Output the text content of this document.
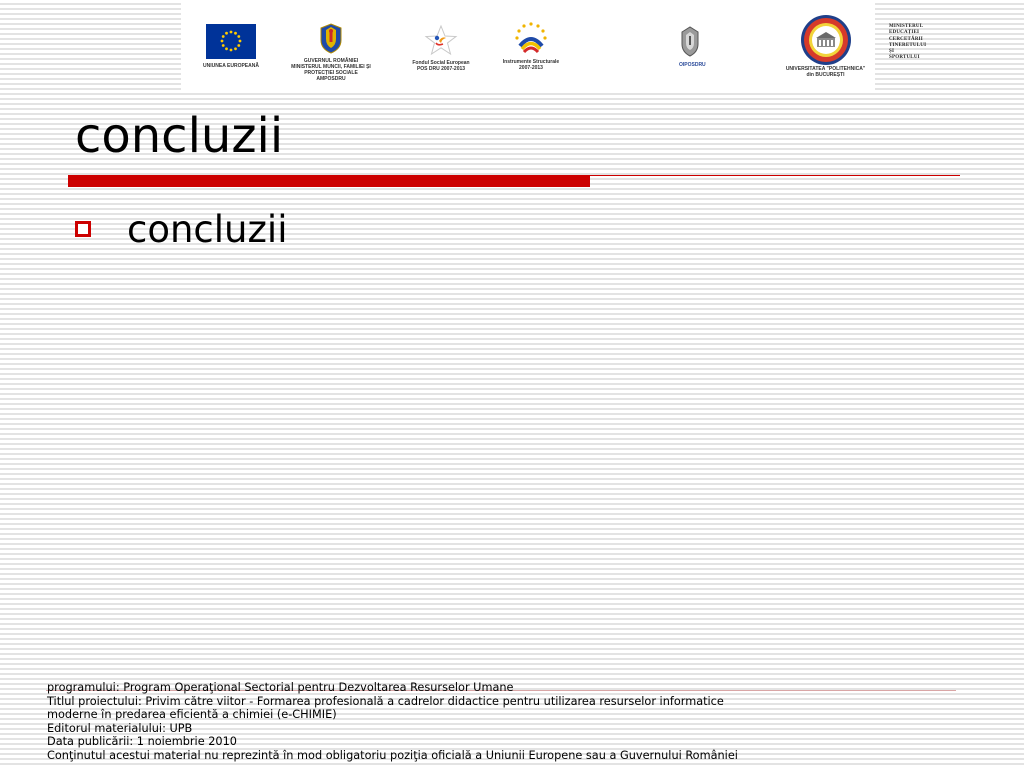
UNIUNEA EUROPEANĂ
GUVERNUL ROMÂNIEI
MINISTERUL MUNCII, FAMILIEI ȘI
PROTECȚIEI SOCIALE
AMPOSDRU
Fondul Social European
POS DRU 2007-2013
Instrumente Structurale
2007-2013	OIPOSDRU
MINISTERUL
EDUCAȚIEI
CERCETĂRII
TINERETULUI
ȘI SPORTULUI
UNIVERSITATEA "POLITEHNICA"
din BUCUREȘTI
concluzii
concluzii
programului: Program Operaţional Sectorial pentru Dezvoltarea Resurselor Umane
Titlul proiectului: Privim către viitor - Formarea profesională a cadrelor didactice pentru utilizarea resurselor informatice
moderne în predarea eficientă a chimiei (e-CHIMIE)
Editorul materialului: UPB
Data publicării: 1 noiembrie 2010
Conţinutul acestui material nu reprezintă în mod obligatoriu poziţia oficială a Uniunii Europene sau a Guvernului României
